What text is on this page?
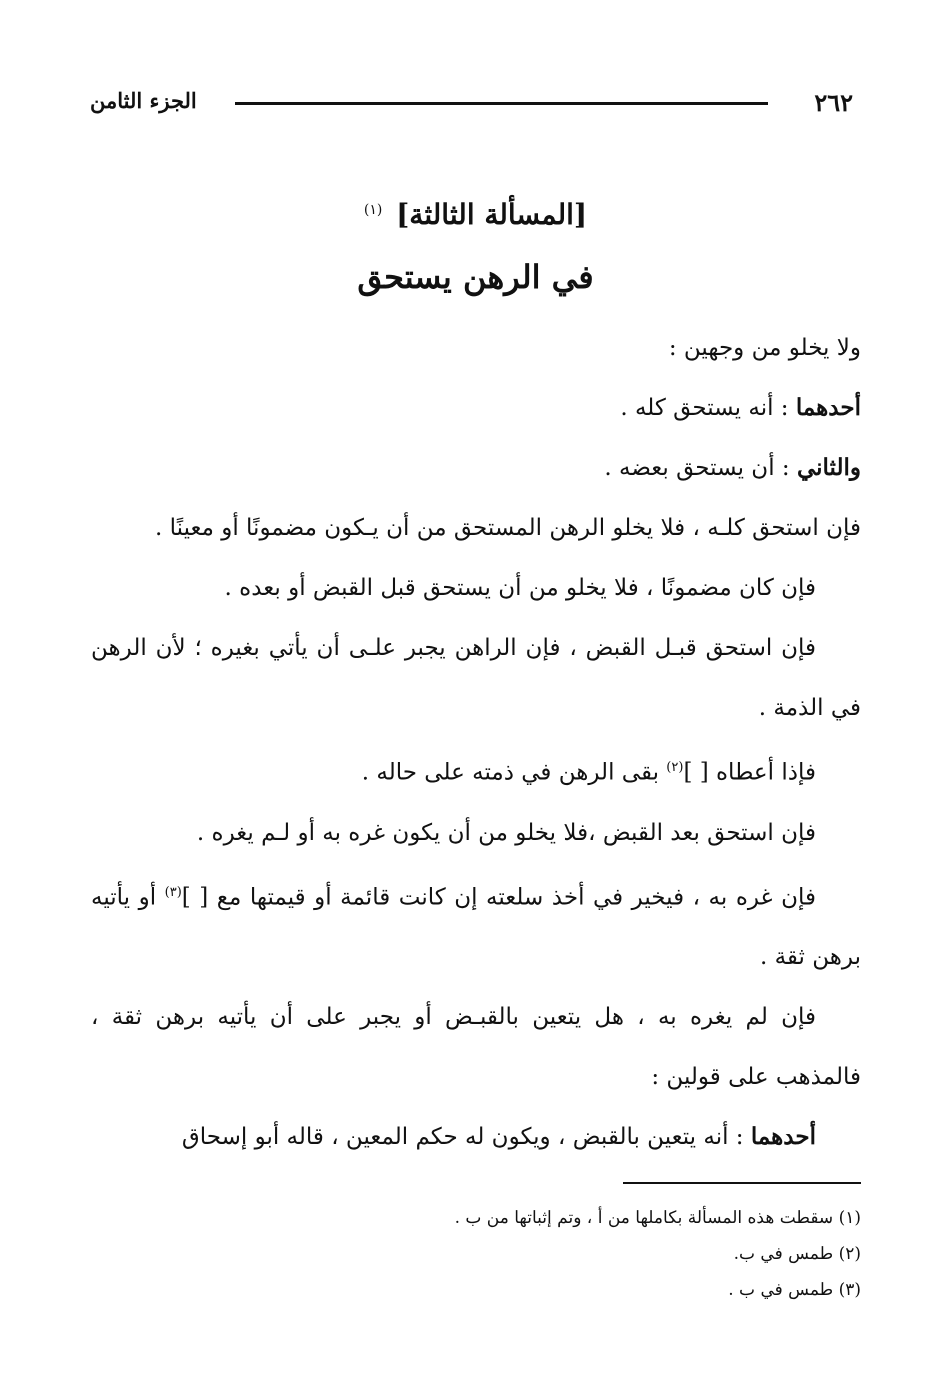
٢٦٢
الجزء الثامن
[المسألة الثالثة] $^{(١)}$
في الرهن يستحق

ولا يخلو من وجهين :

أحدهما : أنه يستحق كله .

والثاني : أن يستحق بعضه .

فإن استحق كلـه ، فلا يخلو الرهن المستحق من أن يـكون مضمونًا أو معينًا .

فإن كان مضمونًا ، فلا يخلو من أن يستحق قبل القبض أو بعده .

فإن استحق قبـل القبض ، فإن الراهن يجبر علـى أن يأتي بغيره ؛ لأن الرهن في الذمة .

فإذا أعطاه [ ]$^{(٢)}$ بقى الرهن في ذمته على حاله .

فإن استحق بعد القبض ،فلا يخلو من أن يكون غره به أو لـم يغره .

فإن غره به ، فيخير في أخذ سلعته إن كانت قائمة أو قيمتها مع [ ]$^{(٣)}$ أو يأتيه برهن ثقة .

فإن لم يغره به ، هل يتعين بالقبـض أو يجبر على أن يأتيه برهن ثقة ، فالمذهب على قولين :

أحدهما : أنه يتعين بالقبض ، ويكون له حكم المعين ، قاله أبو إسحاق

(١) سقطت هذه المسألة بكاملها من أ ، وتم إثباتها من ب .

(٢) طمس في ب.

(٣) طمس في ب .
